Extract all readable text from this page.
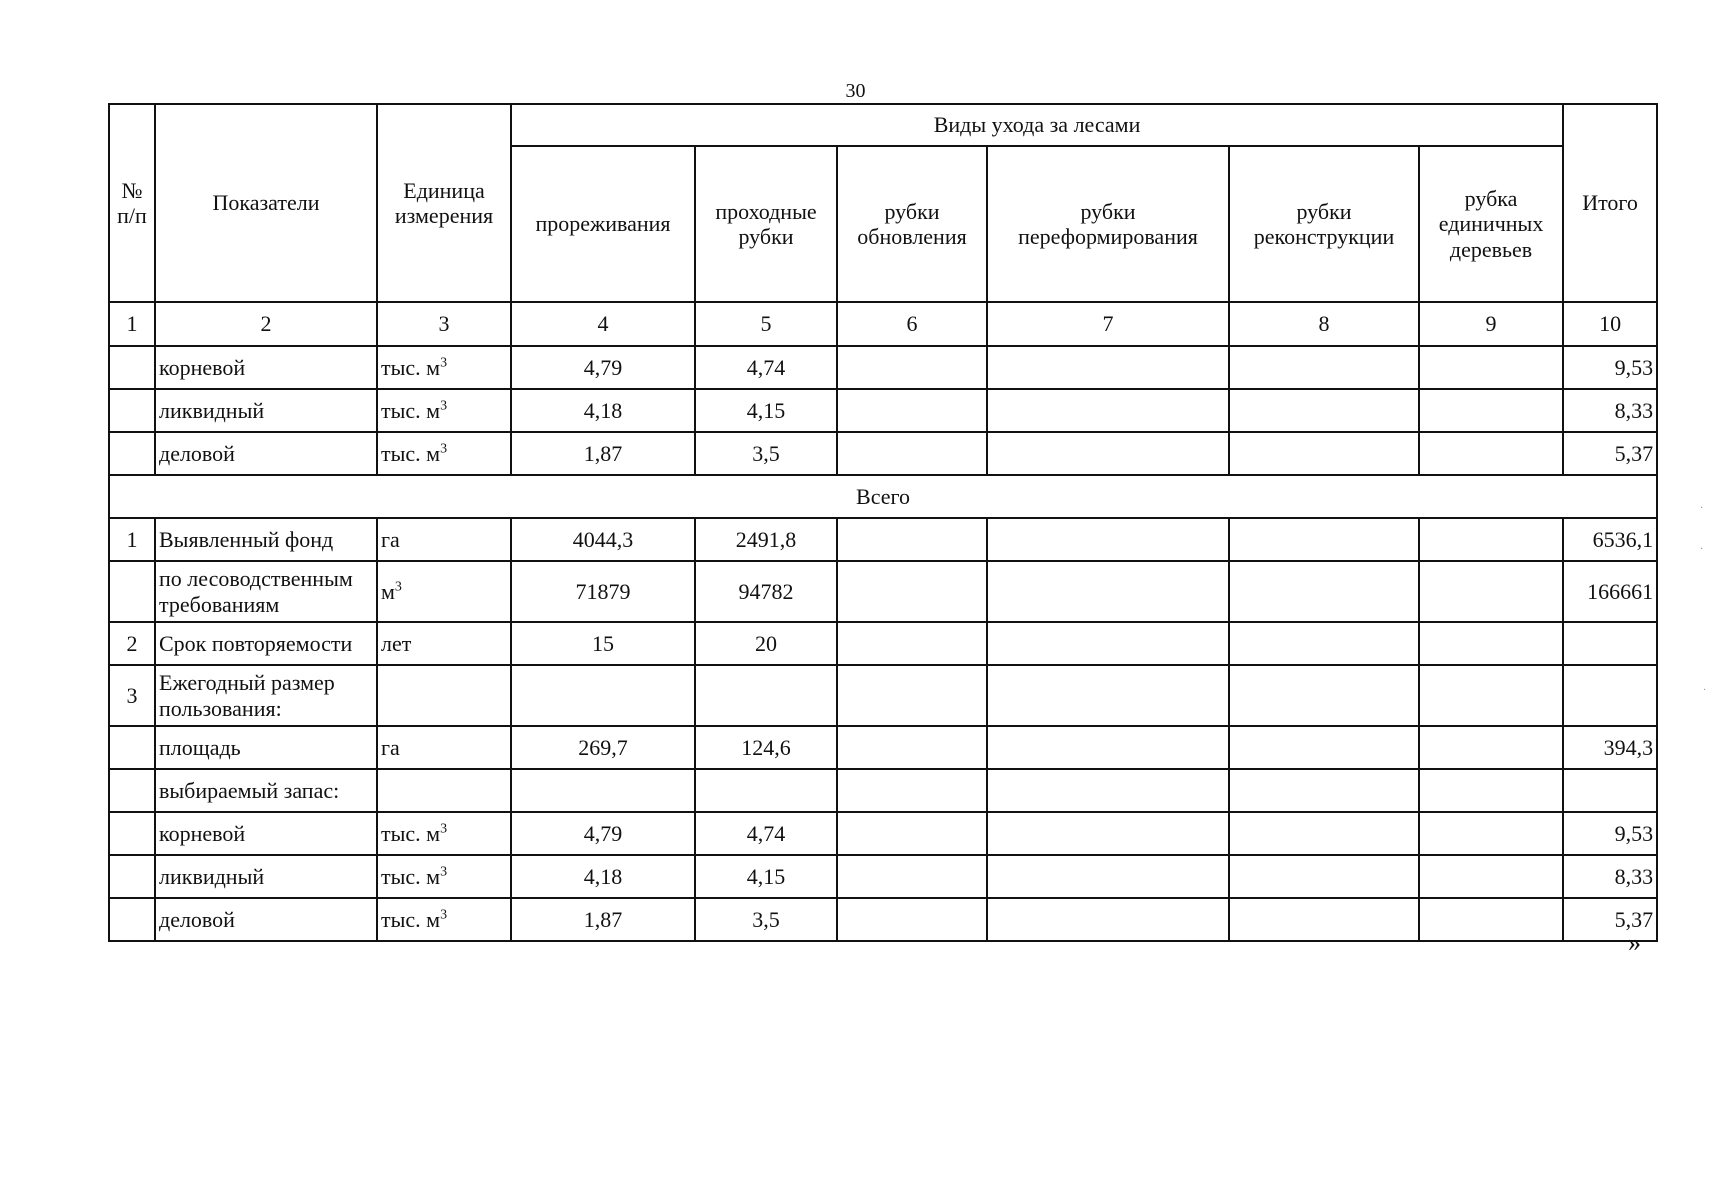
30
№ п/п	Показатели	Единица измерения	Виды ухода за лесами						Итого
			прореживания	проходные рубки	рубки обновления	рубки переформирования	рубки реконструкции	рубка единичных деревьев	
1	2	3	4	5	6	7	8	9	10
	корневой	тыс. $м^3$	4,79	4,74					9,53
	ликвидный	тыс. $м^3$	4,18	4,15					8,33
	деловой	тыс. $м^3$	1,87	3,5					5,37
Всего									
1	Выявленный фонд	га	4044,3	2491,8					6536,1
	по лесоводственным требованиям	$м^3$	71879	94782					166661
2	Срок повторяемости	лет	15	20					
3	Ежегодный размер пользования:								
	площадь	га	269,7	124,6					394,3
	выбираемый запас:								
	корневой	тыс. $м^3$	4,79	4,74					9,53
	ликвидный	тыс. $м^3$	4,18	4,15					8,33
	деловой	тыс. $м^3$	1,87	3,5					5,37
»
·
·
·
